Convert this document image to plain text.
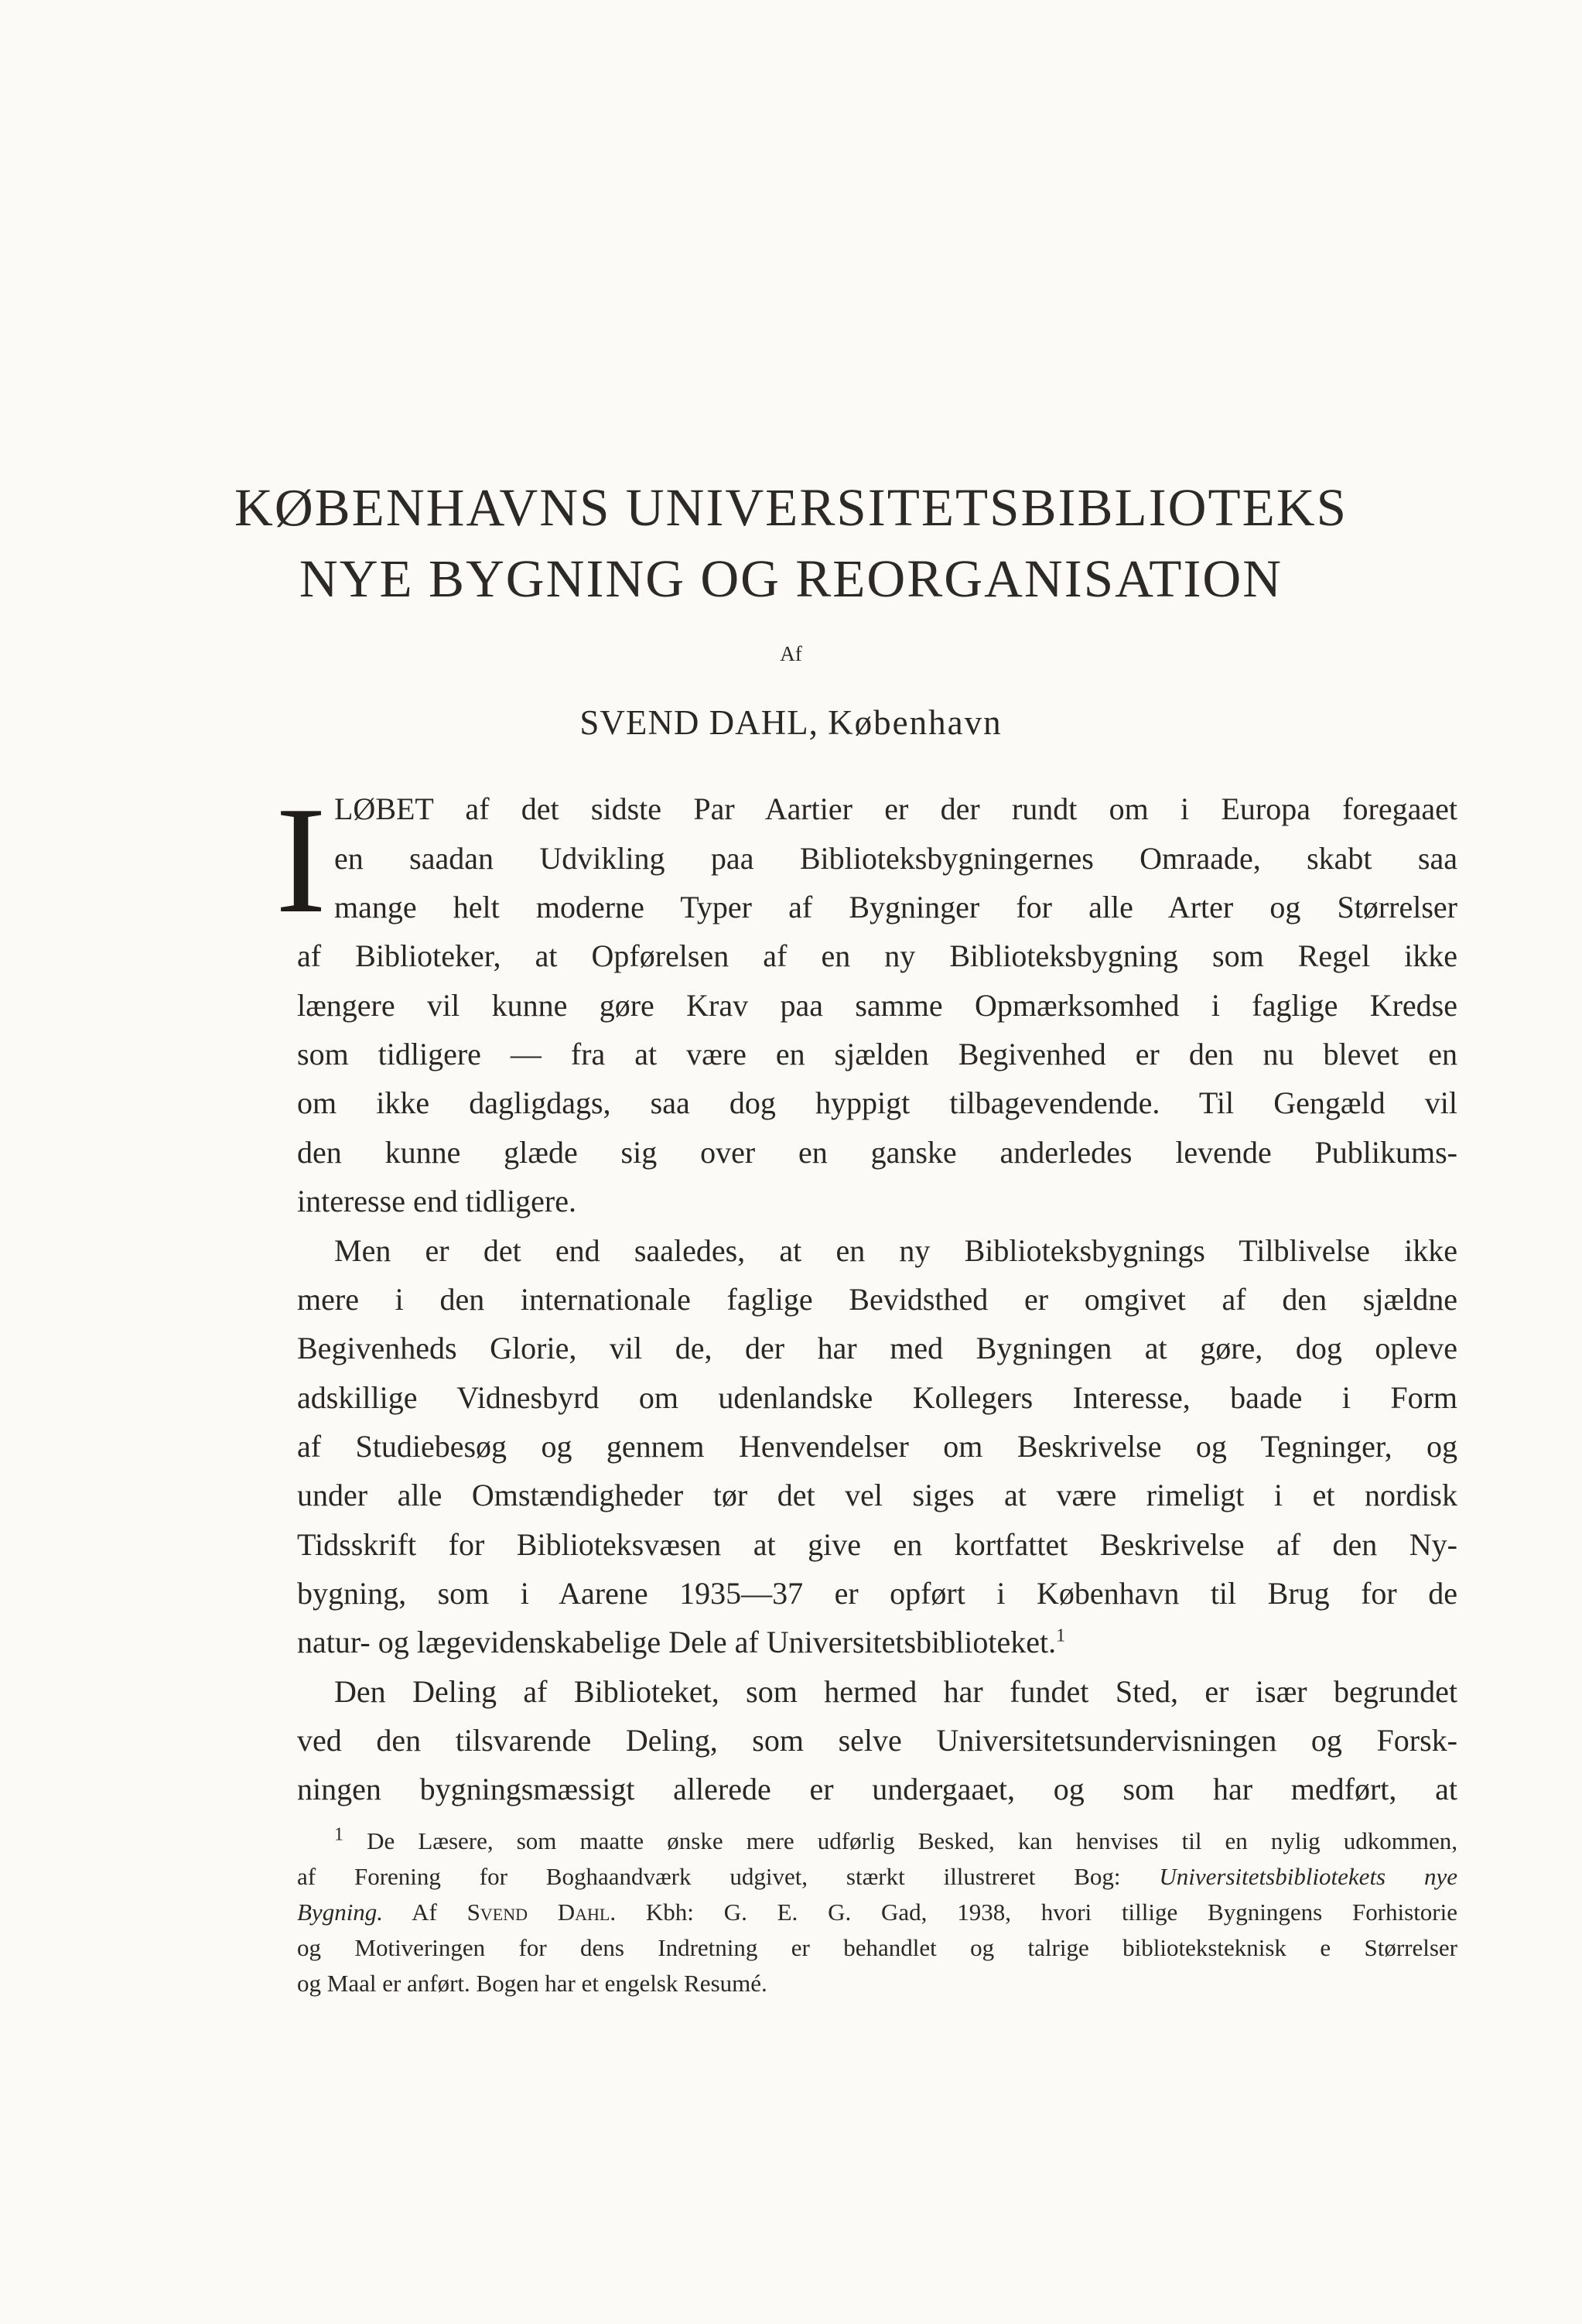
KØBENHAVNS UNIVERSITETSBIBLIOTEKS
NYE BYGNING OG REORGANISATION
Af
SVEND DAHL, København
I LØBET af det sidste Par Aartier er der rundt om i Europa foregaaet
en saadan Udvikling paa Biblioteksbygningernes Omraade, skabt saa
mange helt moderne Typer af Bygninger for alle Arter og Størrelser
af Biblioteker, at Opførelsen af en ny Biblioteksbygning som Regel ikke
længere vil kunne gøre Krav paa samme Opmærksomhed i faglige Kredse
som tidligere — fra at være en sjælden Begivenhed er den nu blevet en
om ikke dagligdags, saa dog hyppigt tilbagevendende. Til Gengæld vil
den kunne glæde sig over en ganske anderledes levende Publikums-
interesse end tidligere.
Men er det end saaledes, at en ny Biblioteksbygnings Tilblivelse ikke
mere i den internationale faglige Bevidsthed er omgivet af den sjældne
Begivenheds Glorie, vil de, der har med Bygningen at gøre, dog opleve
adskillige Vidnesbyrd om udenlandske Kollegers Interesse, baade i Form
af Studiebesøg og gennem Henvendelser om Beskrivelse og Tegninger, og
under alle Omstændigheder tør det vel siges at være rimeligt i et nordisk
Tidsskrift for Biblioteksvæsen at give en kortfattet Beskrivelse af den Ny-
bygning, som i Aarene 1935—37 er opført i København til Brug for de
natur- og lægevidenskabelige Dele af Universitetsbiblioteket.$^1$
Den Deling af Biblioteket, som hermed har fundet Sted, er især begrundet
ved den tilsvarende Deling, som selve Universitetsundervisningen og Forsk-
ningen bygningsmæssigt allerede er undergaaet, og som har medført, at
$^1$ De Læsere, som maatte ønske mere udførlig Besked, kan henvises til en nylig udkommen,
af Forening for Boghaandværk udgivet, stærkt illustreret Bog: Universitetsbibliotekets nye
Bygning. Af Svend Dahl. Kbh: G. E. G. Gad, 1938, hvori tillige Bygningens Forhistorie
og Motiveringen for dens Indretning er behandlet og talrige biblioteksteknisk e Størrelser
og Maal er anført. Bogen har et engelsk Resumé.
